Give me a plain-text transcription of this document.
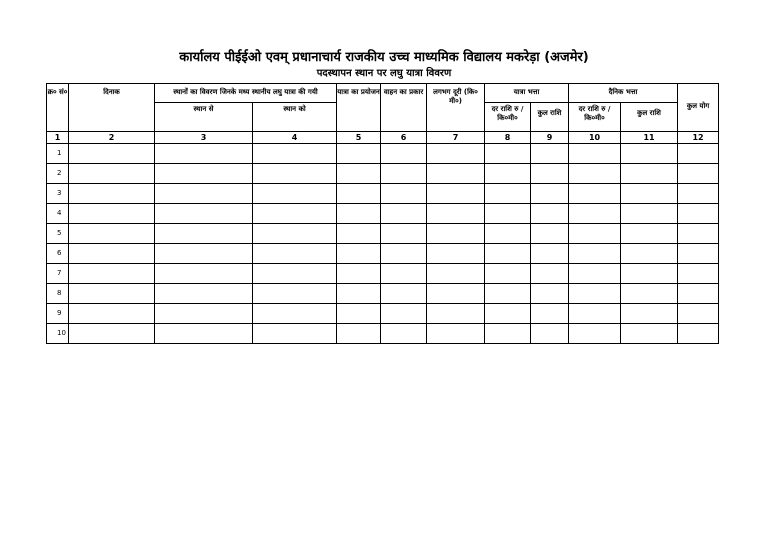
कार्यालय पीईईओ एवम् प्रधानाचार्य राजकीय उच्च माध्यमिक विद्यालय मकरेड़ा (अजमेर)
पदस्थापन स्थान पर लघु यात्रा विवरण
क्र० सं०	दिनाक	स्थानों का विवरण जिनके मध्य स्थानीय लघु यात्रा की गयी		यात्रा का प्रयोजन	वाहन का प्रकार	लगभग दूरी (कि० मी०)	यात्रा भत्ता		दैनिक भत्ता		कुल योग
							दर राशि रु /कि०मी०	कुल राशि	दर राशि रु /कि०मी०	कुल राशि	
		स्थान से	स्थान को								
1	2	3	4	5	6	7	8	9	10	11	12
1											
2											
3											
4											
5											
6											
7											
8											
9											
10											
